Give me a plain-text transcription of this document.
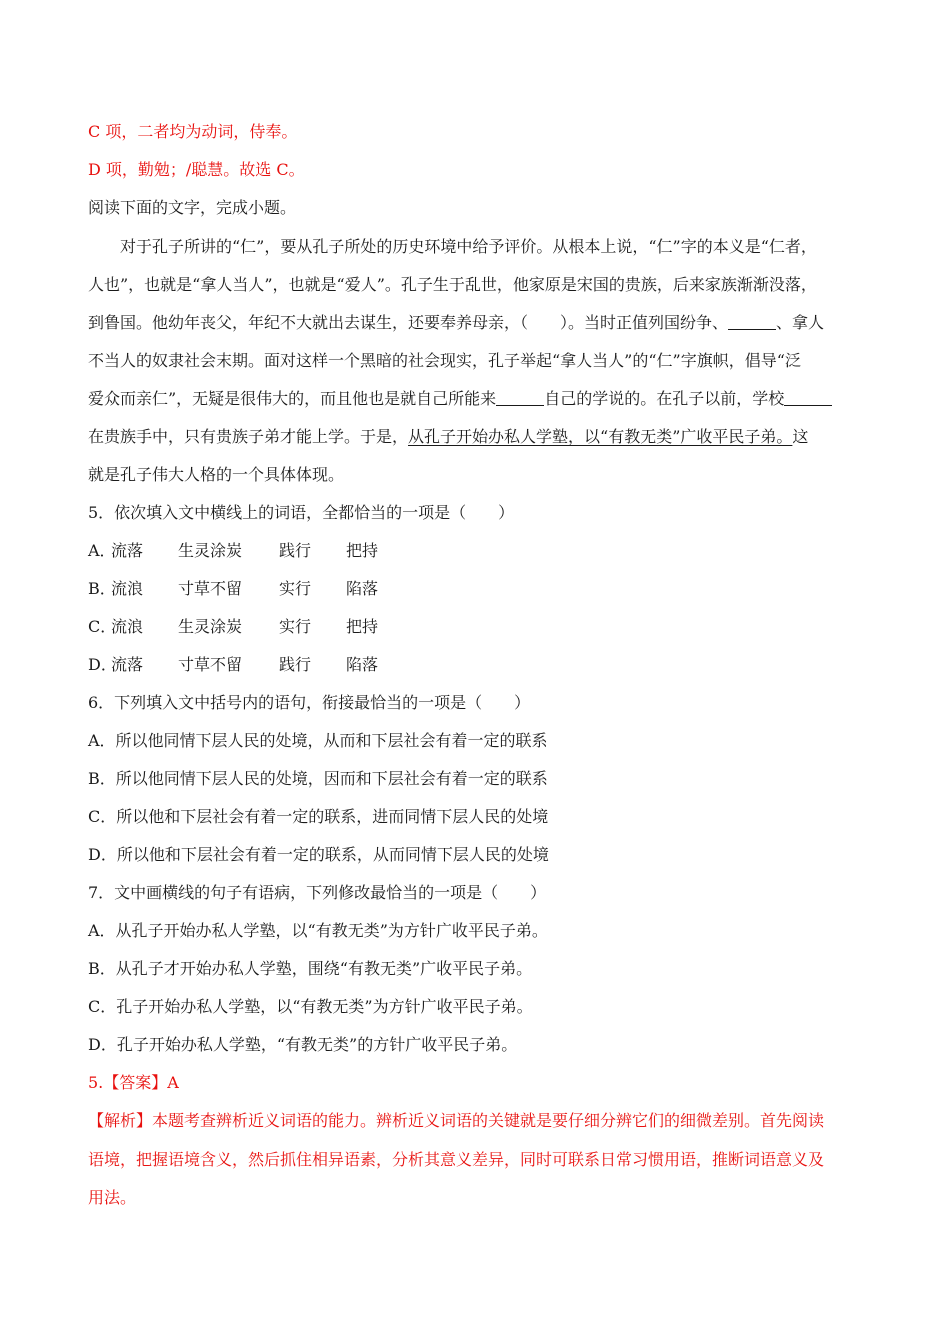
C 项，二者均为动词，侍奉。
D 项，勤勉；/聪慧。故选 C。
阅读下面的文字，完成小题。
对于孔子所讲的“仁”，要从孔子所处的历史环境中给予评价。从根本上说，“仁”字的本义是“仁者，
人也”，也就是“拿人当人”，也就是“爱人”。孔子生于乱世，他家原是宋国的贵族，后来家族渐渐没落，
到鲁国。他幼年丧父，年纪不大就出去谋生，还要奉养母亲，（　　）。当时正值列国纷争、	、拿人
不当人的奴隶社会末期。面对这样一个黑暗的社会现实，孔子举起“拿人当人”的“仁”字旗帜，倡导“泛
爱众而亲仁”，无疑是很伟大的，而且他也是就自己所能来	自己的学说的。在孔子以前，学校
在贵族手中，只有贵族子弟才能上学。于是，从孔子开始办私人学塾，以“有教无类”广收平民子弟。这
就是孔子伟大人格的一个具体体现。
5．依次填入文中横线上的词语，全都恰当的一项是（　　）
A．
流落 生灵涂炭 践行 把持
B．
流浪 寸草不留 实行 陷落
C．
流浪 生灵涂炭 实行 把持
D．
流落 寸草不留 践行 陷落
6．下列填入文中括号内的语句，衔接最恰当的一项是（　　）
A．所以他同情下层人民的处境，从而和下层社会有着一定的联系
B．所以他同情下层人民的处境，因而和下层社会有着一定的联系
C．所以他和下层社会有着一定的联系，进而同情下层人民的处境
D．所以他和下层社会有着一定的联系，从而同情下层人民的处境
7．文中画横线的句子有语病，下列修改最恰当的一项是（　　）
A．从孔子开始办私人学塾，以“有教无类”为方针广收平民子弟。
B．从孔子才开始办私人学塾，围绕“有教无类”广收平民子弟。
C．孔子开始办私人学塾，以“有教无类”为方针广收平民子弟。
D．孔子开始办私人学塾，“有教无类”的方针广收平民子弟。
5.【答案】A
【解析】本题考查辨析近义词语的能力。辨析近义词语的关键就是要仔细分辨它们的细微差别。首先阅读
语境，把握语境含义，然后抓住相异语素，分析其意义差异，同时可联系日常习惯用语，推断词语意义及
用法。
